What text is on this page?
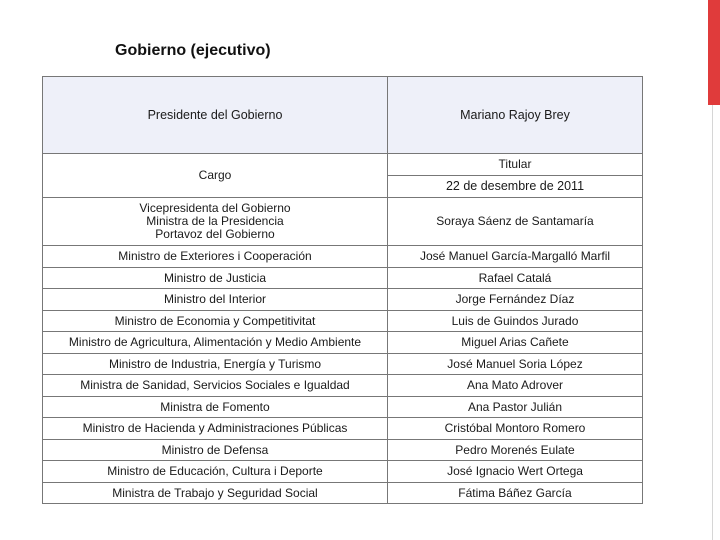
Gobierno (ejecutivo)
Presidente del Gobierno	Mariano Rajoy Brey
Cargo	Titular
	22 de desembre de 2011

Vicepresidenta del Gobierno
Ministra de la Presidencia
Portavoz del Gobierno	Soraya Sáenz de Santamaría
Ministro de Exteriores i Cooperación	José Manuel García-Margalló Marfil
Ministro de Justicia	Rafael Catalá
Ministro del Interior	Jorge Fernández Díaz
Ministro de Economia y Competitivitat	Luis de Guindos Jurado
Ministro de Agricultura, Alimentación y Medio Ambiente	Miguel Arias Cañete
Ministro de Industria, Energía y Turismo	José Manuel Soria López
Ministra de Sanidad, Servicios Sociales e Igualdad	Ana Mato Adrover
Ministra de Fomento	Ana Pastor Julián
Ministro de Hacienda y Administraciones Públicas	Cristóbal Montoro Romero
Ministro de Defensa	Pedro Morenés Eulate
Ministro de Educación, Cultura i Deporte	José Ignacio Wert Ortega
Ministra de Trabajo y Seguridad Social	Fátima Báñez García
